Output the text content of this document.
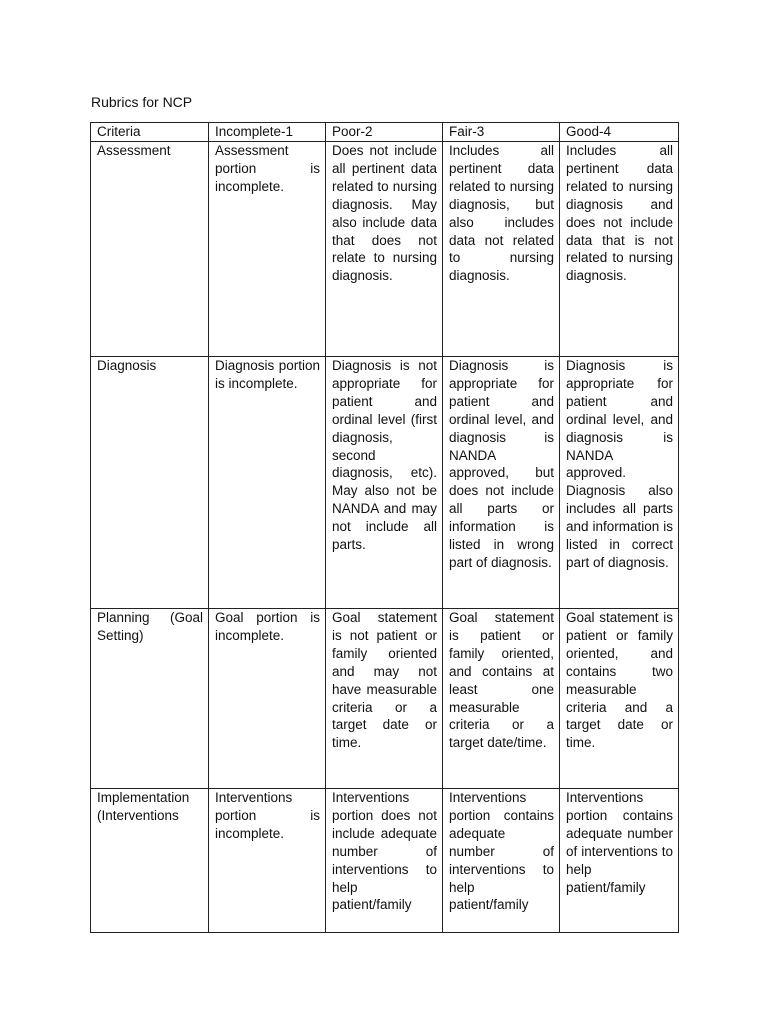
Rubrics for NCP
Criteria	Incomplete-1	Poor-2	Fair-3	Good-4
Assessment	Assessment portion is incomplete.	Does not include all pertinent data related to nursing diagnosis. May also include data that does not relate to nursing diagnosis.	Includes all pertinent data related to nursing diagnosis, but also includes data not related to nursing diagnosis.	Includes all pertinent data related to nursing diagnosis and does not include data that is not related to nursing diagnosis.
Diagnosis	Diagnosis portion is incomplete.	Diagnosis is not appropriate for patient and ordinal level (first diagnosis, second diagnosis, etc). May also not be NANDA and may not include all parts.	Diagnosis is appropriate for patient and ordinal level, and diagnosis is NANDA approved, but does not include all parts or information is listed in wrong part of diagnosis.	Diagnosis is appropriate for patient and ordinal level, and diagnosis is NANDA approved. Diagnosis also includes all parts and information is listed in correct part of diagnosis.
Planning (Goal Setting)	Goal portion is incomplete.	Goal statement is not patient or family oriented and may not have measurable criteria or a target date or time.	Goal statement is patient or family oriented, and contains at least one measurable criteria or a target date/time.	Goal statement is patient or family oriented, and contains two measurable criteria and a target date or time.
Implementation (Interventions	Interventions portion is incomplete.	Interventions portion does not include adequate number of interventions to help patient/family	Interventions portion contains adequate number of interventions to help patient/family	Interventions portion contains adequate number of interventions to help patient/family
